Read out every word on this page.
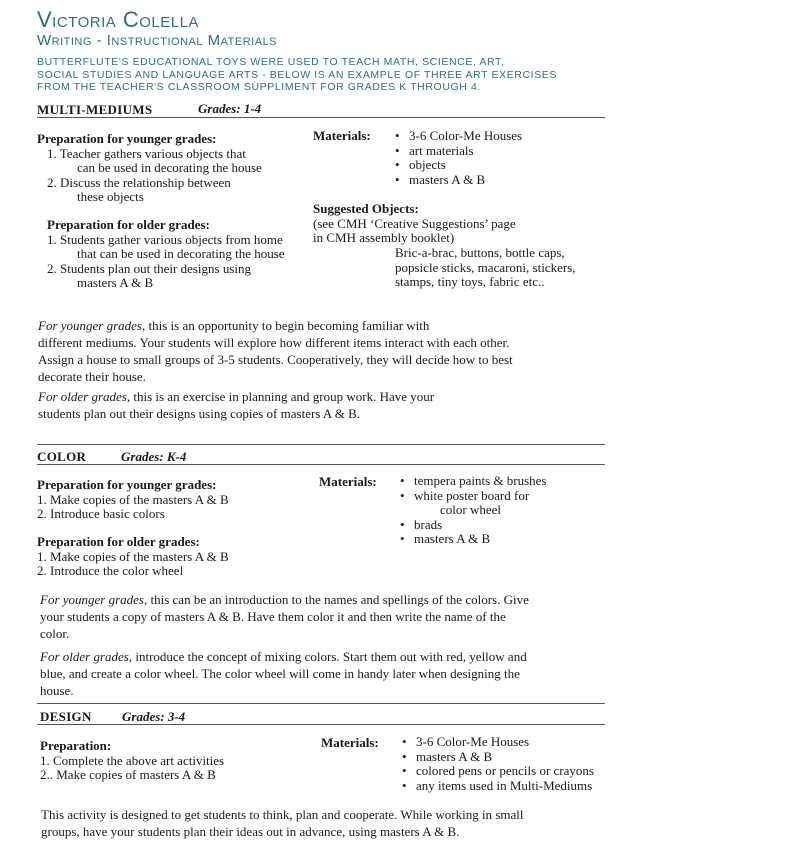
Victoria Colella
Writing - Instructional Materials
BUTTERFLUTE'S EDUCATIONAL TOYS WERE USED TO TEACH MATH, SCIENCE, ART,
SOCIAL STUDIES AND LANGUAGE ARTS - BELOW IS AN EXAMPLE OF THREE ART EXERCISES
FROM THE TEACHER'S CLASSROOM SUPPLIMENT FOR GRADES K THROUGH 4.
MULTI-MEDIUMS	Grades: 1-4
Preparation for younger grades:
1. Teacher gathers various objects that
can be used in decorating the house
2. Discuss the relationship between
these objects
Preparation for older grades:
1. Students gather various objects from home
that can be used in decorating the house
2. Students plan out their designs using
masters A & B
Materials:	• 3-6 Color-Me Houses
• art materials
• objects
• masters A & B
Suggested Objects:
(see CMH ‘Creative Suggestions’ page
in CMH assembly booklet)
Bric-a-brac, buttons, bottle caps,
popsicle sticks, macaroni, stickers,
stamps, tiny toys, fabric etc..
For younger grades, this is an opportunity to begin becoming familiar with
different mediums. Your students will explore how different items interact with each other.
Assign a house to small groups of 3-5 students. Cooperatively, they will decide how to best
decorate their house.
For older grades, this is an exercise in planning and group work. Have your
students plan out their designs using copies of masters A & B.
COLOR	Grades: K-4
Preparation for younger grades:
1. Make copies of the masters A & B
2. Introduce basic colors
Preparation for older grades:
1. Make copies of the masters A & B
2. Introduce the color wheel
Materials:	• tempera paints & brushes
• white poster board for
color wheel
• brads
• masters A & B
For younger grades, this can be an introduction to the names and spellings of the colors. Give
your students a copy of masters A & B. Have them color it and then write the name of the
color.
For older grades, introduce the concept of mixing colors. Start them out with red, yellow and
blue, and create a color wheel. The color wheel will come in handy later when designing the
house.
DESIGN Grades: 3-4
Preparation:
1. Complete the above art activities
2.. Make copies of masters A & B
Materials:	• 3-6 Color-Me Houses
• masters A & B
• colored pens or pencils or crayons
• any items used in Multi-Mediums
This activity is designed to get students to think, plan and cooperate. While working in small
groups, have your students plan their ideas out in advance, using masters A & B.
